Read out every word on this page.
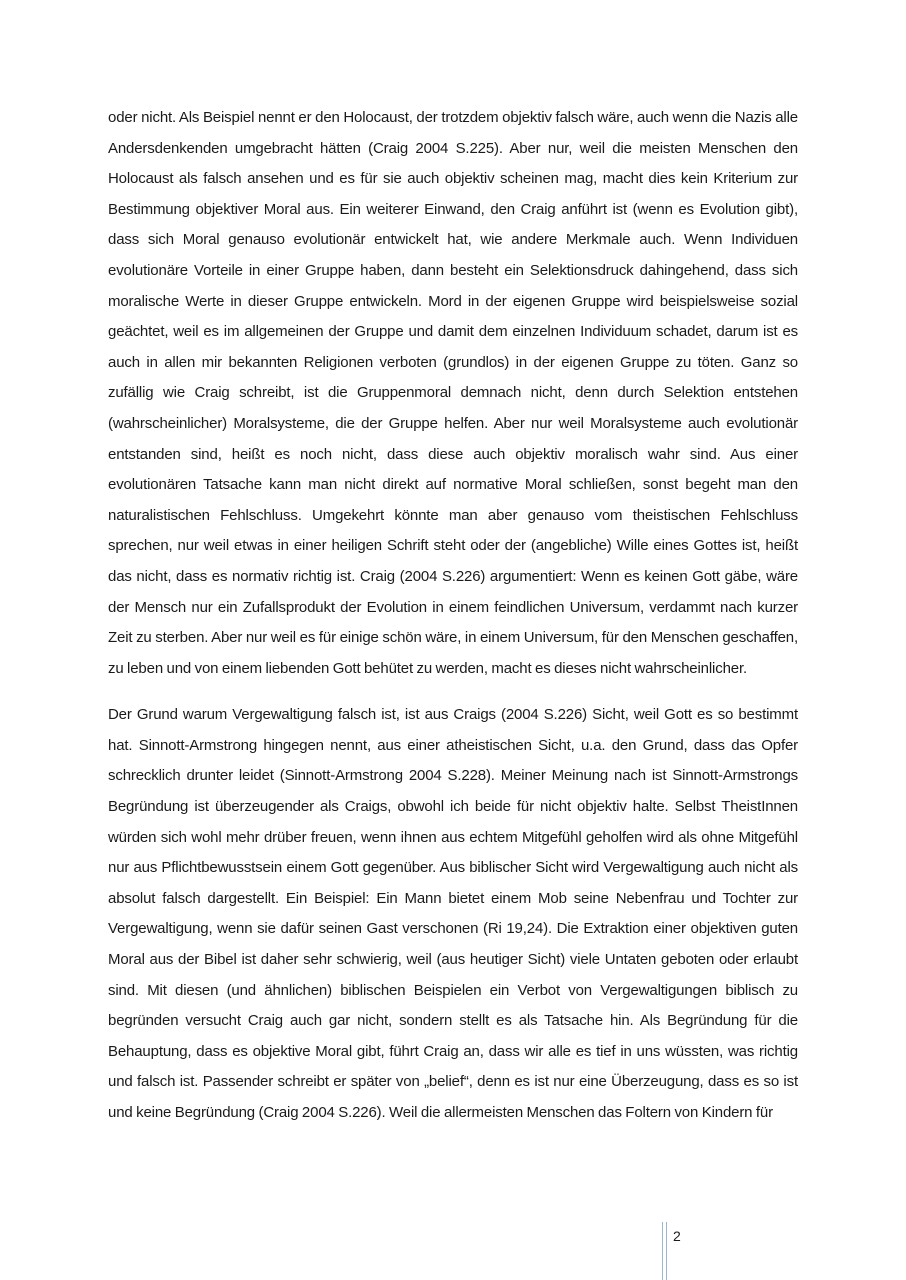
oder nicht. Als Beispiel nennt er den Holocaust, der trotzdem objektiv falsch wäre, auch wenn die Nazis alle Andersdenkenden umgebracht hätten (Craig 2004 S.225). Aber nur, weil die meisten Menschen den Holocaust als falsch ansehen und es für sie auch objektiv scheinen mag, macht dies kein Kriterium zur Bestimmung objektiver Moral aus. Ein weiterer Einwand, den Craig anführt ist (wenn es Evolution gibt), dass sich Moral genauso evolutionär entwickelt hat, wie andere Merkmale auch. Wenn Individuen evolutionäre Vorteile in einer Gruppe haben, dann besteht ein Selektionsdruck dahingehend, dass sich moralische Werte in dieser Gruppe entwickeln. Mord in der eigenen Gruppe wird beispielsweise sozial geächtet, weil es im allgemeinen der Gruppe und damit dem einzelnen Individuum schadet, darum ist es auch in allen mir bekannten Religionen verboten (grundlos) in der eigenen Gruppe zu töten. Ganz so zufällig wie Craig schreibt, ist die Gruppenmoral demnach nicht, denn durch Selektion entstehen (wahrscheinlicher) Moralsysteme, die der Gruppe helfen. Aber nur weil Moralsysteme auch evolutionär entstanden sind, heißt es noch nicht, dass diese auch objektiv moralisch wahr sind. Aus einer evolutionären Tatsache kann man nicht direkt auf normative Moral schließen, sonst begeht man den naturalistischen Fehlschluss. Umgekehrt könnte man aber genauso vom theistischen Fehlschluss sprechen, nur weil etwas in einer heiligen Schrift steht oder der (angebliche) Wille eines Gottes ist, heißt das nicht, dass es normativ richtig ist. Craig (2004 S.226) argumentiert: Wenn es keinen Gott gäbe, wäre der Mensch nur ein Zufallsprodukt der Evolution in einem feindlichen Universum, verdammt nach kurzer Zeit zu sterben. Aber nur weil es für einige schön wäre, in einem Universum, für den Menschen geschaffen, zu leben und von einem liebenden Gott behütet zu werden, macht es dieses nicht wahrscheinlicher.

Der Grund warum Vergewaltigung falsch ist, ist aus Craigs (2004 S.226) Sicht, weil Gott es so bestimmt hat. Sinnott-Armstrong hingegen nennt, aus einer atheistischen Sicht, u.a. den Grund, dass das Opfer schrecklich drunter leidet (Sinnott-Armstrong 2004 S.228). Meiner Meinung nach ist Sinnott-Armstrongs Begründung ist überzeugender als Craigs, obwohl ich beide für nicht objektiv halte. Selbst TheistInnen würden sich wohl mehr drüber freuen, wenn ihnen aus echtem Mitgefühl geholfen wird als ohne Mitgefühl nur aus Pflichtbewusstsein einem Gott gegenüber. Aus biblischer Sicht wird Vergewaltigung auch nicht als absolut falsch dargestellt. Ein Beispiel: Ein Mann bietet einem Mob seine Nebenfrau und Tochter zur Vergewaltigung, wenn sie dafür seinen Gast verschonen (Ri 19,24). Die Extraktion einer objektiven guten Moral aus der Bibel ist daher sehr schwierig, weil (aus heutiger Sicht) viele Untaten geboten oder erlaubt sind. Mit diesen (und ähnlichen) biblischen Beispielen ein Verbot von Vergewaltigungen biblisch zu begründen versucht Craig auch gar nicht, sondern stellt es als Tatsache hin. Als Begründung für die Behauptung, dass es objektive Moral gibt, führt Craig an, dass wir alle es tief in uns wüssten, was richtig und falsch ist. Passender schreibt er später von „belief“, denn es ist nur eine Überzeugung, dass es so ist und keine Begründung (Craig 2004 S.226). Weil die allermeisten Menschen das Foltern von Kindern für

2
